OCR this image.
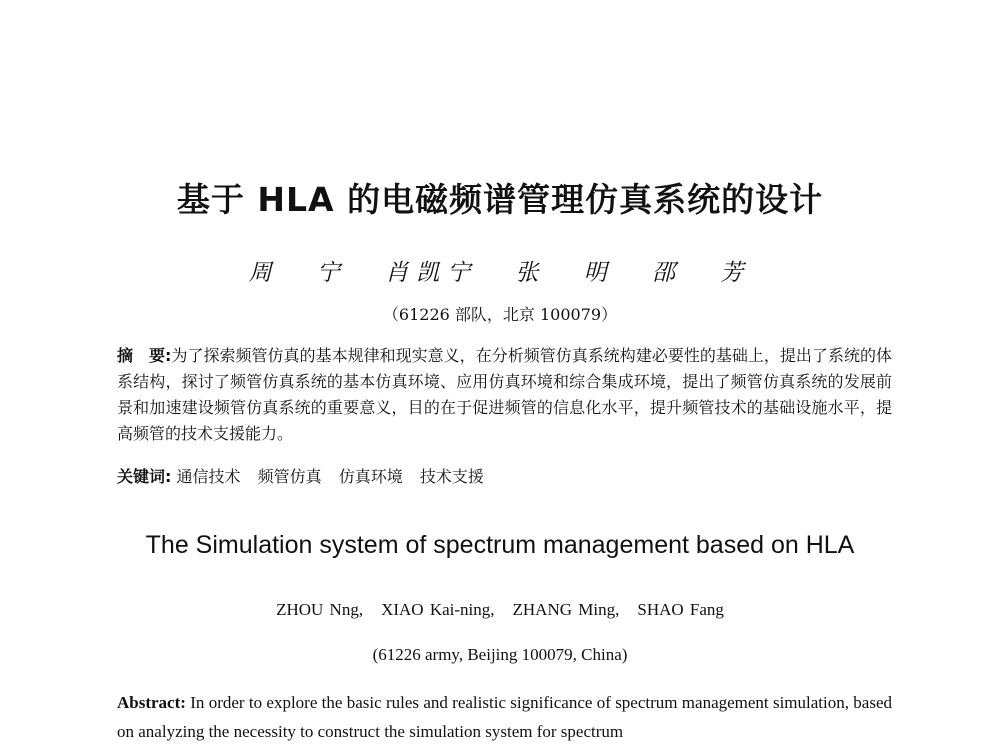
基于 HLA 的电磁频谱管理仿真系统的设计
周 宁 肖凯宁 张 明 邵 芳
（61226 部队，北京 100079）
摘　要:为了探索频管仿真的基本规律和现实意义，在分析频管仿真系统构建必要性的基础上，提出了系统的体系结构，探讨了频管仿真系统的基本仿真环境、应用仿真环境和综合集成环境，提出了频管仿真系统的发展前景和加速建设频管仿真系统的重要意义，目的在于促进频管的信息化水平，提升频管技术的基础设施水平，提高频管的技术支援能力。
关键词: 通信技术 频管仿真 仿真环境 技术支援
The Simulation system of spectrum management based on HLA
ZHOU Nng, XIAO Kai-ning, ZHANG Ming, SHAO Fang
(61226 army, Beijing 100079, China)
Abstract: In order to explore the basic rules and realistic significance of spectrum management simulation, based on analyzing the necessity to construct the simulation system for spectrum
